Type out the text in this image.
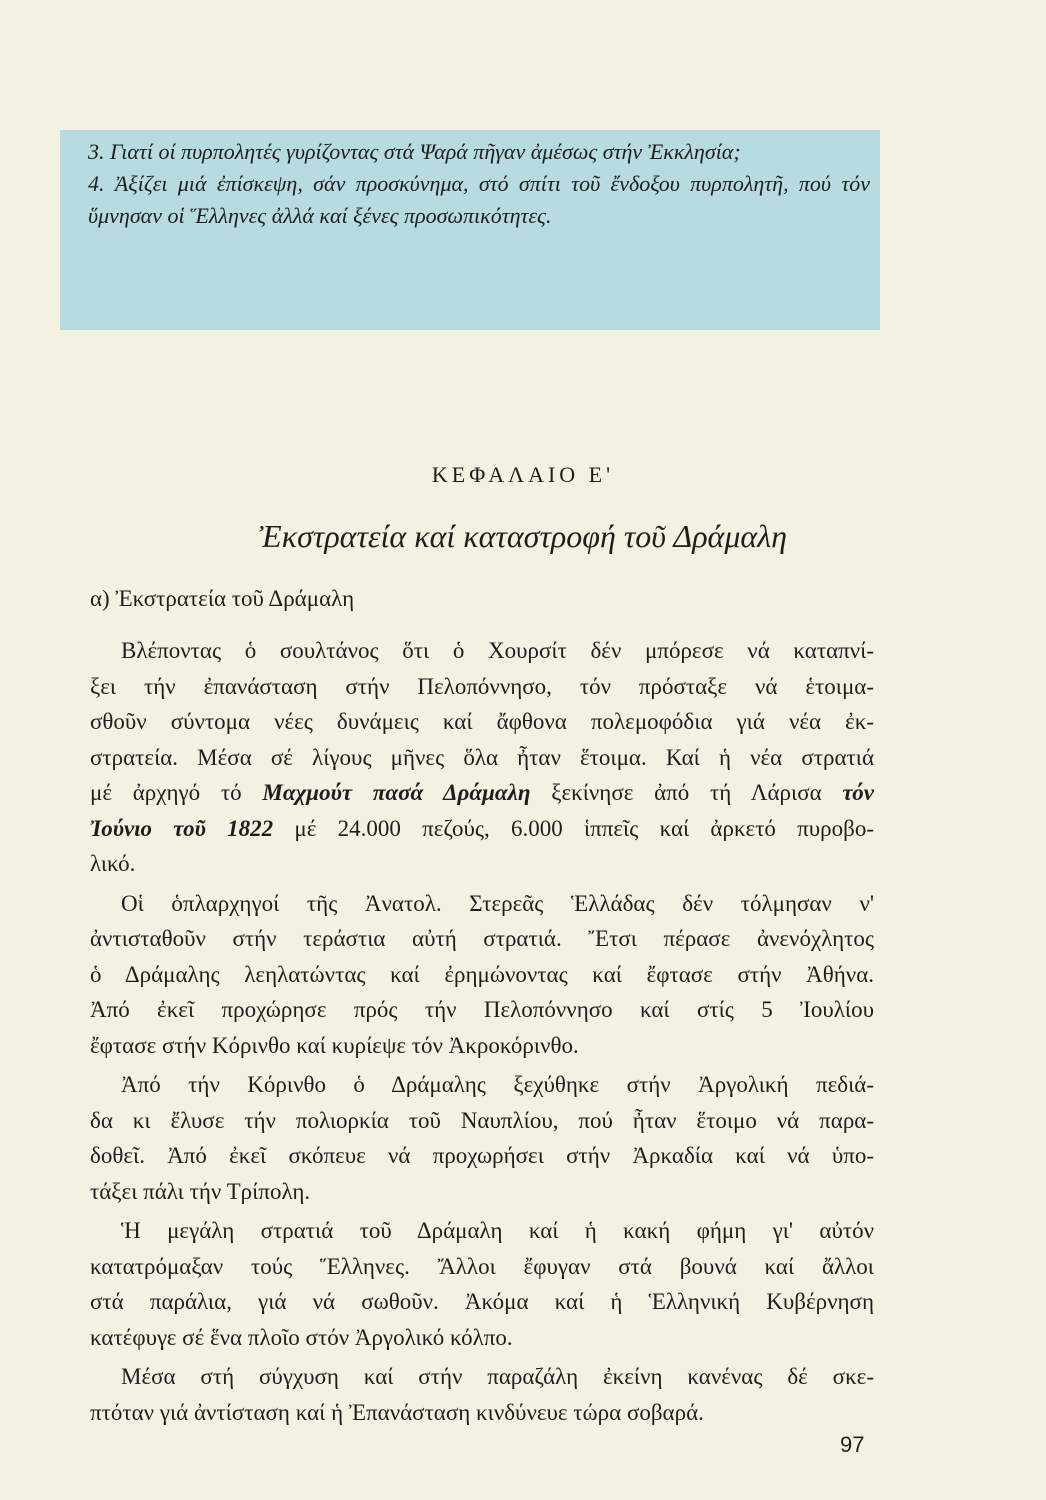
3. Γιατί οί πυρπολητές γυρίζοντας στά Ψαρά πῆγαν ἀμέσως στήν Ἐκκλησία;

4. Ἀξίζει μιά ἐπίσκεψη, σάν προσκύνημα, στό σπίτι τοῦ ἔνδοξου πυρπολητῆ, πού τόν ὕμνησαν οἱ Ἕλληνες ἀλλά καί ξένες προσωπικότητες.

ΚΕΦΑΛΑΙΟ Ε'
Ἐκστρατεία καί καταστροφή τοῦ Δράμαλη
α) Ἐκστρατεία τοῦ Δράμαλη
Βλέποντας ὁ σουλτάνος ὅτι ὁ Χουρσίτ δέν μπόρεσε νά καταπνί-
ξει τήν ἐπανάσταση στήν Πελοπόννησο, τόν πρόσταξε νά ἑτοιμα-
σθοῦν σύντομα νέες δυνάμεις καί ἄφθονα πολεμοφόδια γιά νέα ἐκ-
στρατεία. Μέσα σέ λίγους μῆνες ὅλα ἦταν ἕτοιμα. Καί ἡ νέα στρατιά
μέ ἀρχηγό τό Μαχμούτ πασά Δράμαλη ξεκίνησε ἀπό τή Λάρισα τόν
Ἰούνιο τοῦ 1822 μέ 24.000 πεζούς, 6.000 ἱππεῖς καί ἀρκετό πυροβο-
λικό.
Οἱ ὁπλαρχηγοί τῆς Ἀνατολ. Στερεᾶς Ἑλλάδας δέν τόλμησαν ν'
ἀντισταθοῦν στήν τεράστια αὐτή στρατιά. Ἔτσι πέρασε ἀνενόχλητος
ὁ Δράμαλης λεηλατώντας καί ἐρημώνοντας καί ἔφτασε στήν Ἀθήνα.
Ἀπό ἐκεῖ προχώρησε πρός τήν Πελοπόννησο καί στίς 5 Ἰουλίου
ἔφτασε στήν Κόρινθο καί κυρίεψε τόν Ἀκροκόρινθο.
Ἀπό τήν Κόρινθο ὁ Δράμαλης ξεχύθηκε στήν Ἀργολική πεδιά-
δα κι ἔλυσε τήν πολιορκία τοῦ Ναυπλίου, πού ἦταν ἕτοιμο νά παρα-
δοθεῖ. Ἀπό ἐκεῖ σκόπευε νά προχωρήσει στήν Ἀρκαδία καί νά ὑπο-
τάξει πάλι τήν Τρίπολη.
Ἡ μεγάλη στρατιά τοῦ Δράμαλη καί ἡ κακή φήμη γι' αὐτόν
κατατρόμαξαν τούς Ἕλληνες. Ἄλλοι ἔφυγαν στά βουνά καί ἄλλοι
στά παράλια, γιά νά σωθοῦν. Ἀκόμα καί ἡ Ἑλληνική Κυβέρνηση
κατέφυγε σέ ἕνα πλοῖο στόν Ἀργολικό κόλπο.
Μέσα στή σύγχυση καί στήν παραζάλη ἐκείνη κανένας δέ σκε-
πτόταν γιά ἀντίσταση καί ἡ Ἐπανάσταση κινδύνευε τώρα σοβαρά.
97
